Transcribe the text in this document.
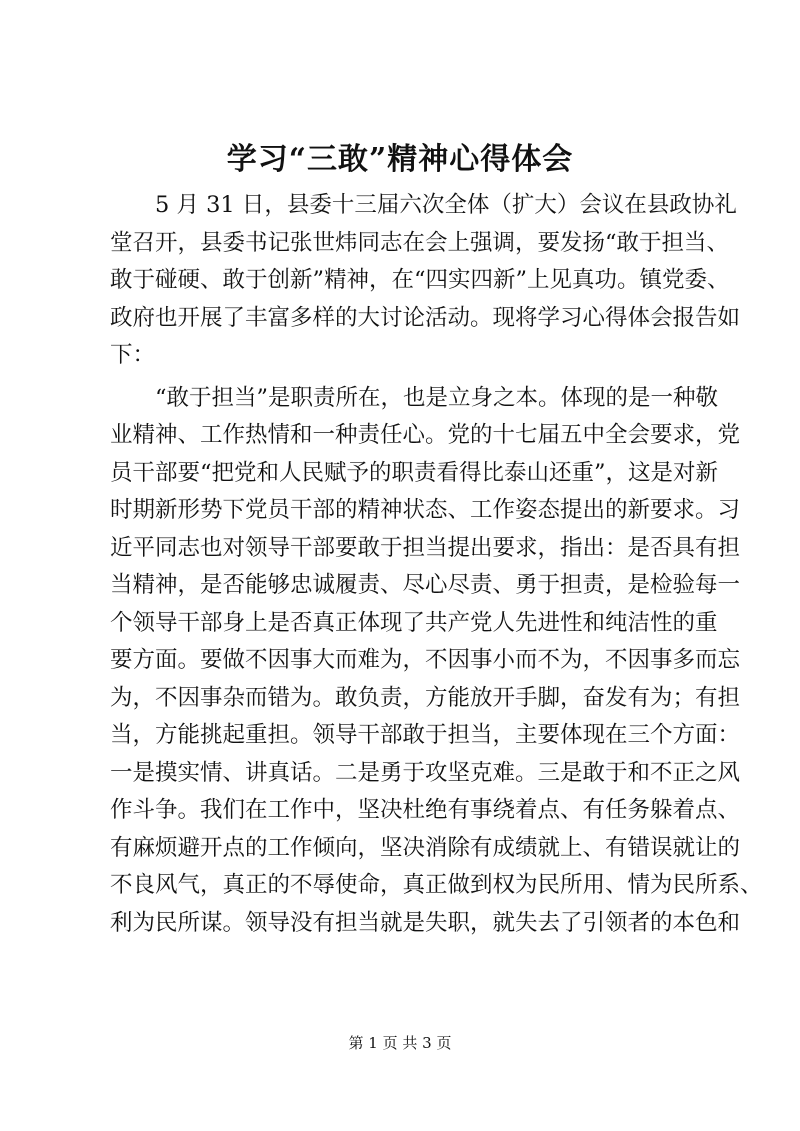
学习“三敢”精神心得体会
5 月 31 日，县委十三届六次全体（扩大）会议在县政协礼
堂召开，县委书记张世炜同志在会上强调，要发扬“敢于担当、
敢于碰硬、敢于创新”精神，在“四实四新”上见真功。镇党委、
政府也开展了丰富多样的大讨论活动。现将学习心得体会报告如
下：
“敢于担当”是职责所在，也是立身之本。体现的是一种敬
业精神、工作热情和一种责任心。党的十七届五中全会要求，党
员干部要“把党和人民赋予的职责看得比泰山还重”，这是对新
时期新形势下党员干部的精神状态、工作姿态提出的新要求。习
近平同志也对领导干部要敢于担当提出要求，指出：是否具有担
当精神，是否能够忠诚履责、尽心尽责、勇于担责，是检验每一
个领导干部身上是否真正体现了共产党人先进性和纯洁性的重
要方面。要做不因事大而难为，不因事小而不为，不因事多而忘
为，不因事杂而错为。敢负责，方能放开手脚，奋发有为；有担
当，方能挑起重担。领导干部敢于担当，主要体现在三个方面：
一是摸实情、讲真话。二是勇于攻坚克难。三是敢于和不正之风
作斗争。我们在工作中，坚决杜绝有事绕着点、有任务躲着点、
有麻烦避开点的工作倾向，坚决消除有成绩就上、有错误就让的
不良风气，真正的不辱使命，真正做到权为民所用、情为民所系、
利为民所谋。领导没有担当就是失职，就失去了引领者的本色和
第 1 页 共 3 页
